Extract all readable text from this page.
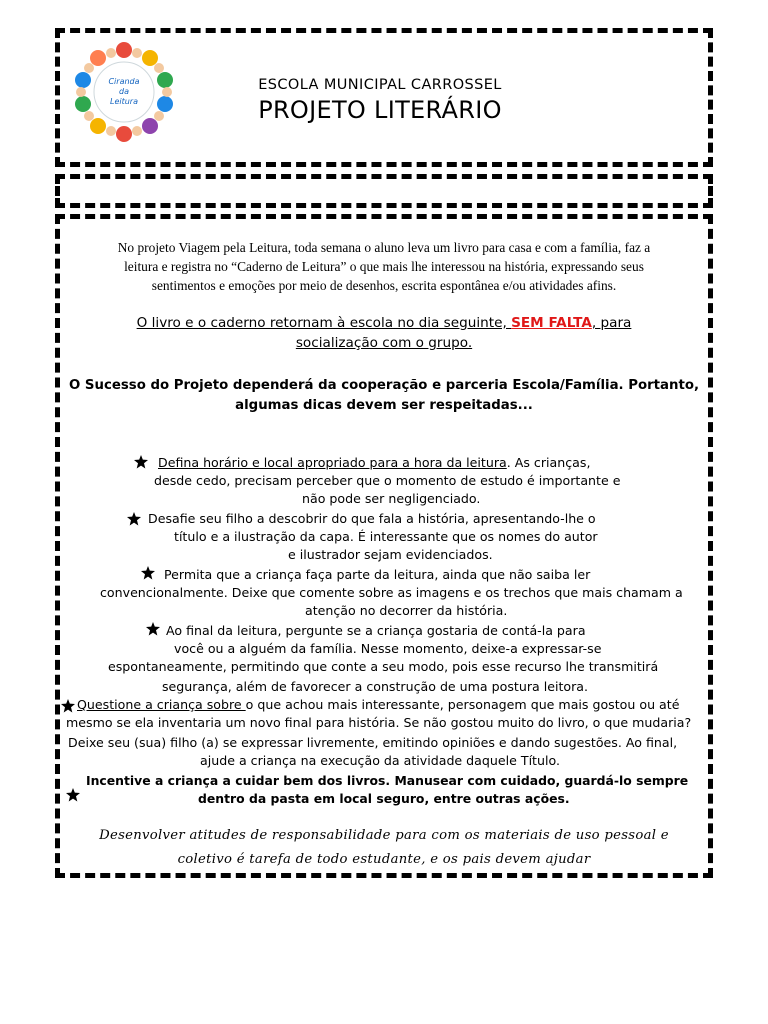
Ciranda
da
Leitura
ESCOLA MUNICIPAL CARROSSEL
PROJETO LITERÁRIO
No projeto Viagem pela Leitura, toda semana o aluno leva um livro para casa e com a família, faz a
leitura e registra no “Caderno de Leitura” o que mais lhe interessou na história, expressando seus
sentimentos e emoções por meio de desenhos, escrita espontânea e/ou atividades afins.
O livro e o caderno retornam à escola no dia seguinte, SEM FALTA, para
socialização com o grupo.
O Sucesso do Projeto dependerá da cooperação e parceria Escola/Família. Portanto,
algumas dicas devem ser respeitadas...
Defina horário e local apropriado para a hora da leitura. As crianças,
desde cedo, precisam perceber que o momento de estudo é importante e
não pode ser negligenciado.
Desafie seu filho a descobrir do que fala a história, apresentando-lhe o
título e a ilustração da capa. É interessante que os nomes do autor
e ilustrador sejam evidenciados.
Permita que a criança faça parte da leitura, ainda que não saiba ler
convencionalmente. Deixe que comente sobre as imagens e os trechos que mais chamam a
atenção no decorrer da história.
Ao final da leitura, pergunte se a criança gostaria de contá-la para
você ou a alguém da família. Nesse momento, deixe-a expressar-se
espontaneamente, permitindo que conte a seu modo, pois esse recurso lhe transmitirá
segurança, além de favorecer a construção de uma postura leitora.
Questione a criança sobre o que achou mais interessante, personagem que mais gostou ou até
mesmo se ela inventaria um novo final para história. Se não gostou muito do livro, o que mudaria?
Deixe seu (sua) filho (a) se expressar livremente, emitindo opiniões e dando sugestões. Ao final,
ajude a criança na execução da atividade daquele Título.
Incentive a criança a cuidar bem dos livros. Manusear com cuidado, guardá-lo sempre
dentro da pasta em local seguro, entre outras ações.
Desenvolver atitudes de responsabilidade para com os materiais de uso pessoal e
coletivo é tarefa de todo estudante, e os pais devem ajudar
